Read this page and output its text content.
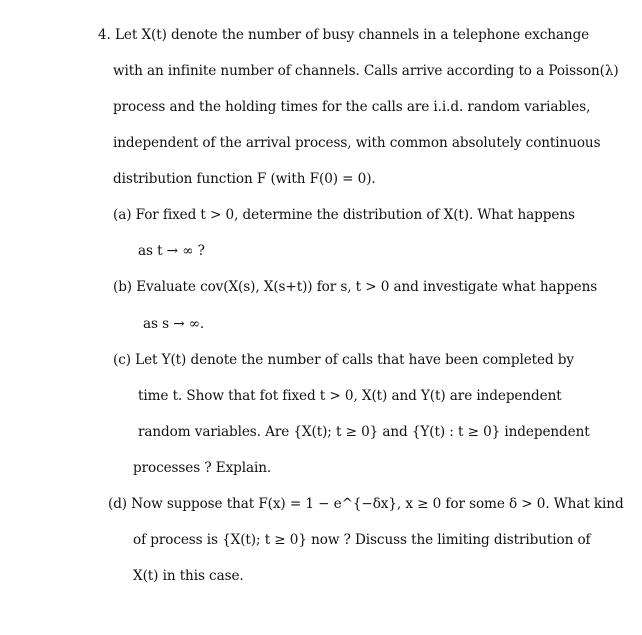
4. Let X(t) denote the number of busy channels in a telephone exchange
with an infinite number of channels. Calls arrive according to a Poisson(λ)
process and the holding times for the calls are i.i.d. random variables,
independent of the arrival process, with common absolutely continuous
distribution function F (with F(0) = 0).
(a) For fixed t > 0, determine the distribution of X(t). What happens
as t → ∞ ?
(b) Evaluate cov(X(s), X(s+t)) for s, t > 0 and investigate what happens
as s → ∞.
(c) Let Y(t) denote the number of calls that have been completed by
time t. Show that fot fixed t > 0, X(t) and Y(t) are independent
random variables. Are {X(t); t ≥ 0} and {Y(t) : t ≥ 0} independent
processes ? Explain.
(d) Now suppose that F(x) = 1 − e^{−δx}, x ≥ 0 for some δ > 0. What kind
of process is {X(t); t ≥ 0} now ? Discuss the limiting distribution of
X(t) in this case.
